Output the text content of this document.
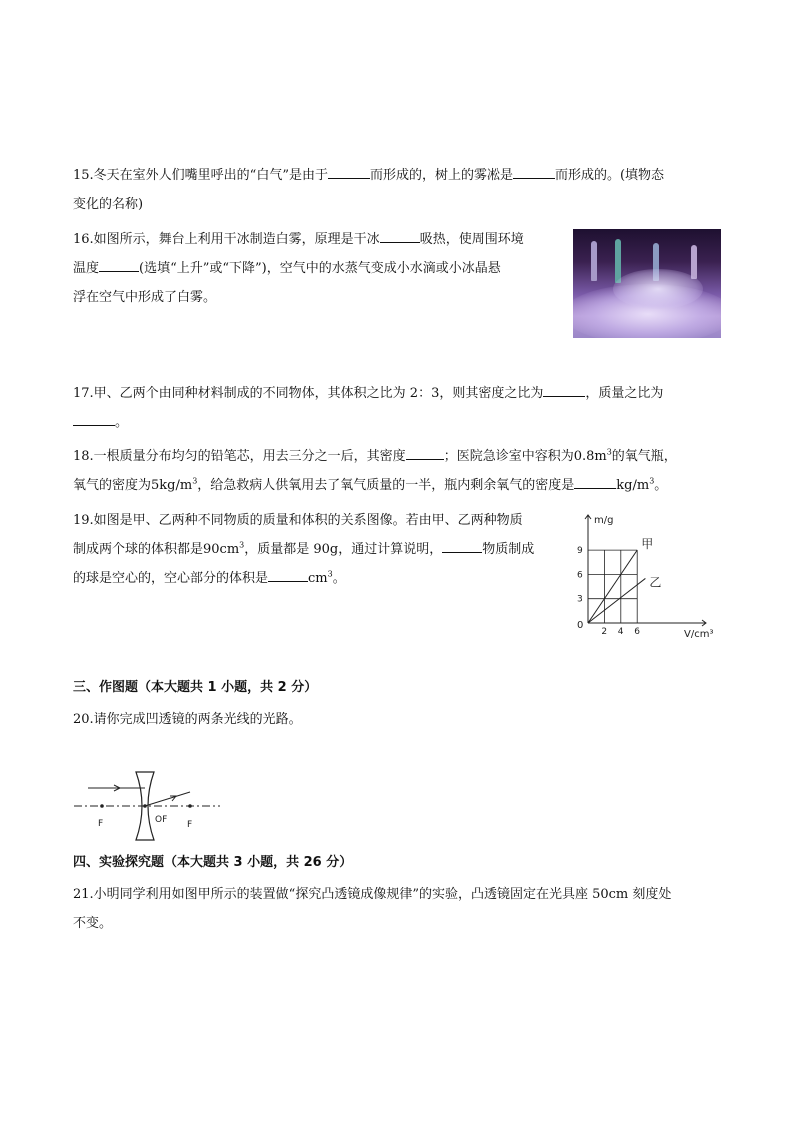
15.冬天在室外人们嘴里呼出的“白气”是由于	而形成的，树上的雾凇是	而形成的。(填物态
变化的名称)
16.如图所示，舞台上利用干冰制造白雾，原理是干冰	吸热，使周围环境
温度	(选填“上升”或“下降”)，空气中的水蒸气变成小水滴或小冰晶悬
浮在空气中形成了白雾。
17.甲、乙两个由同种材料制成的不同物体，其体积之比为 2：3，则其密度之比为	，质量之比为
。
18.一根质量分布均匀的铅笔芯，用去三分之一后，其密度	；医院急诊室中容积为$0.8m^3$的氧气瓶，
氧气的密度为$5kg/m^3$，给急救病人供氧用去了氧气质量的一半，瓶内剩余氧气的密度是	$kg/m^3$。
19.如图是甲、乙两种不同物质的质量和体积的关系图像。若由甲、乙两种物质
制成两个球的体积都是$90cm^3$，质量都是 90g，通过计算说明，	物质制成
的球是空心的，空心部分的体积是	$cm^3$。
2 4 6
3
6
9	甲
乙
m/g
V/cm³
0
三、作图题（本大题共 1 小题，共 2 分）
20.请你完成凹透镜的两条光线的光路。
F	OF F
四、实验探究题（本大题共 3 小题，共 26 分）
21.小明同学利用如图甲所示的装置做“探究凸透镜成像规律”的实验，凸透镜固定在光具座 50cm 刻度处
不变。
